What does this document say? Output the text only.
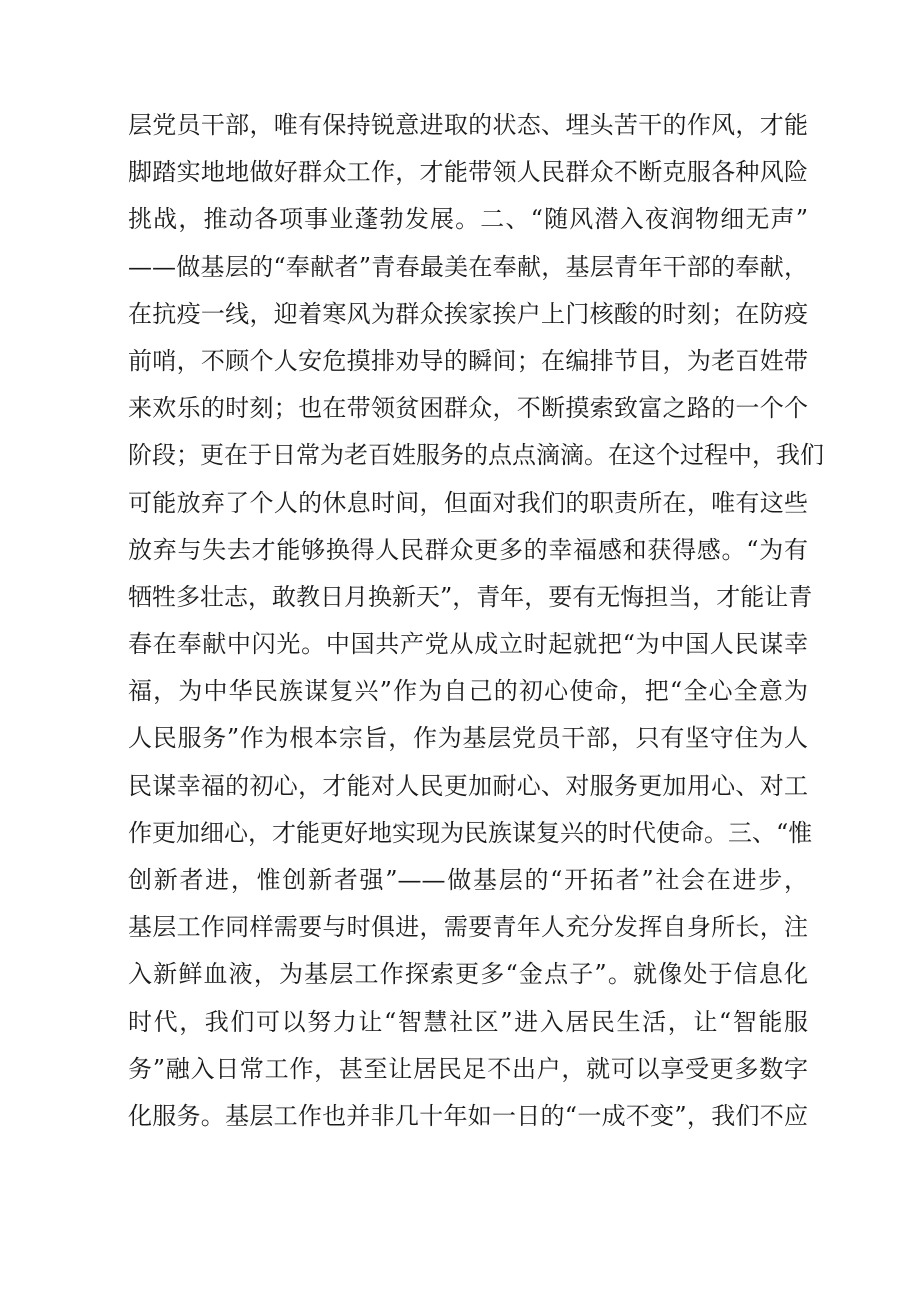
层党员干部，唯有保持锐意进取的状态、埋头苦干的作风，才能
脚踏实地地做好群众工作，才能带领人民群众不断克服各种风险
挑战，推动各项事业蓬勃发展。二、“随风潜入夜润物细无声”
——做基层的“奉献者”青春最美在奉献，基层青年干部的奉献，
在抗疫一线，迎着寒风为群众挨家挨户上门核酸的时刻；在防疫
前哨，不顾个人安危摸排劝导的瞬间；在编排节目，为老百姓带
来欢乐的时刻；也在带领贫困群众，不断摸索致富之路的一个个
阶段；更在于日常为老百姓服务的点点滴滴。在这个过程中，我们
可能放弃了个人的休息时间，但面对我们的职责所在，唯有这些
放弃与失去才能够换得人民群众更多的幸福感和获得感。“为有
牺牲多壮志，敢教日月换新天”，青年，要有无悔担当，才能让青
春在奉献中闪光。中国共产党从成立时起就把“为中国人民谋幸
福，为中华民族谋复兴”作为自己的初心使命，把“全心全意为
人民服务”作为根本宗旨，作为基层党员干部，只有坚守住为人
民谋幸福的初心，才能对人民更加耐心、对服务更加用心、对工
作更加细心，才能更好地实现为民族谋复兴的时代使命。三、“惟
创新者进，惟创新者强”——做基层的“开拓者”社会在进步，
基层工作同样需要与时俱进，需要青年人充分发挥自身所长，注
入新鲜血液，为基层工作探索更多“金点子”。就像处于信息化
时代，我们可以努力让“智慧社区”进入居民生活，让“智能服
务”融入日常工作，甚至让居民足不出户，就可以享受更多数字
化服务。基层工作也并非几十年如一日的“一成不变”，我们不应
